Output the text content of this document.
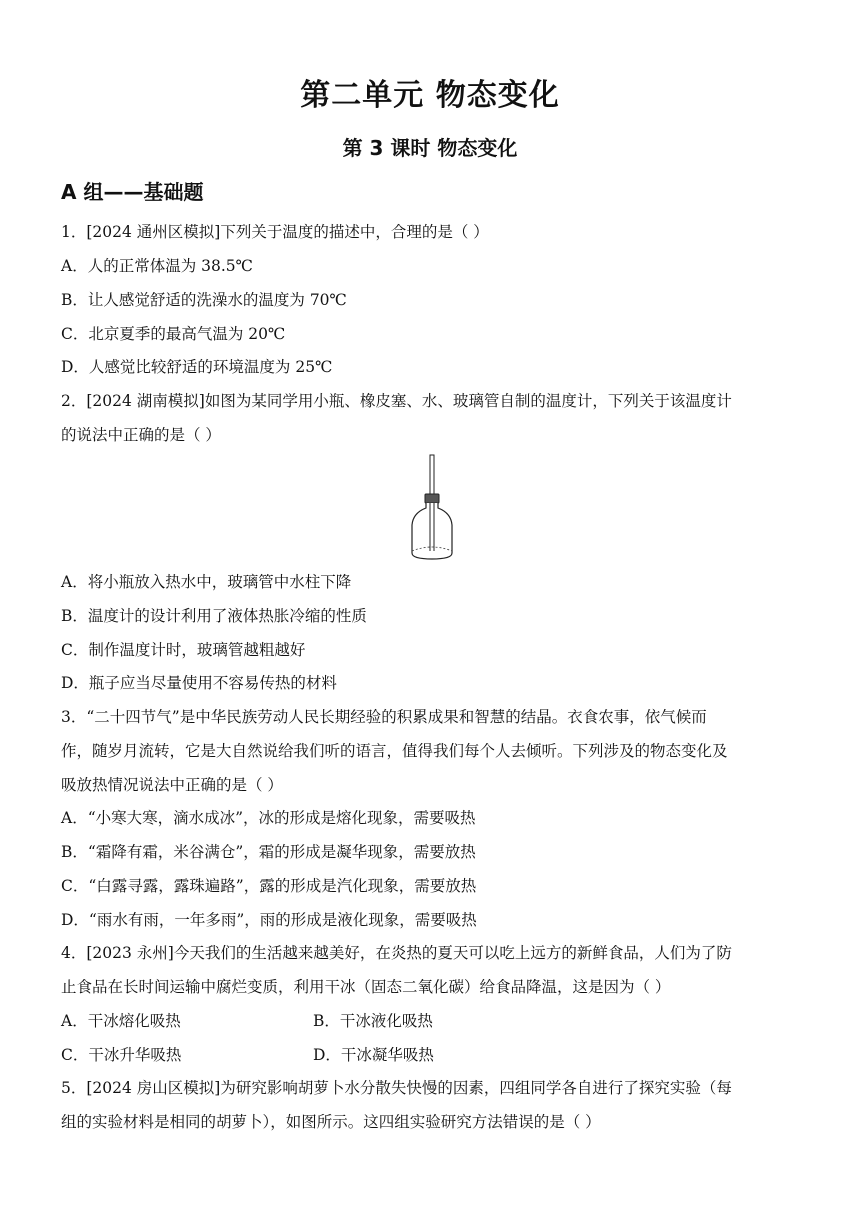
第二单元 物态变化
第 3 课时 物态变化
A 组——基础题
1．[2024 通州区模拟]下列关于温度的描述中，合理的是（ ）
A．人的正常体温为 38.5℃
B．让人感觉舒适的洗澡水的温度为 70℃
C．北京夏季的最高气温为 20℃
D．人感觉比较舒适的环境温度为 25℃
2．[2024 湖南模拟]如图为某同学用小瓶、橡皮塞、水、玻璃管自制的温度计，下列关于该温度计
的说法中正确的是（ ）
A．将小瓶放入热水中，玻璃管中水柱下降
B．温度计的设计利用了液体热胀冷缩的性质
C．制作温度计时，玻璃管越粗越好
D．瓶子应当尽量使用不容易传热的材料
3．“二十四节气”是中华民族劳动人民长期经验的积累成果和智慧的结晶。衣食农事，依气候而
作，随岁月流转，它是大自然说给我们听的语言，值得我们每个人去倾听。下列涉及的物态变化及
吸放热情况说法中正确的是（ ）
A．“小寒大寒，滴水成冰”，冰的形成是熔化现象，需要吸热
B．“霜降有霜，米谷满仓”，霜的形成是凝华现象，需要放热
C．“白露寻露，露珠遍路”，露的形成是汽化现象，需要放热
D．“雨水有雨，一年多雨”，雨的形成是液化现象，需要吸热
4．[2023 永州]今天我们的生活越来越美好，在炎热的夏天可以吃上远方的新鲜食品，人们为了防
止食品在长时间运输中腐烂变质，利用干冰（固态二氧化碳）给食品降温，这是因为（ ）
A．干冰熔化吸热	B．干冰液化吸热
C．干冰升华吸热	D．干冰凝华吸热
5．[2024 房山区模拟]为研究影响胡萝卜水分散失快慢的因素，四组同学各自进行了探究实验（每
组的实验材料是相同的胡萝卜），如图所示。这四组实验研究方法错误的是（ ）
